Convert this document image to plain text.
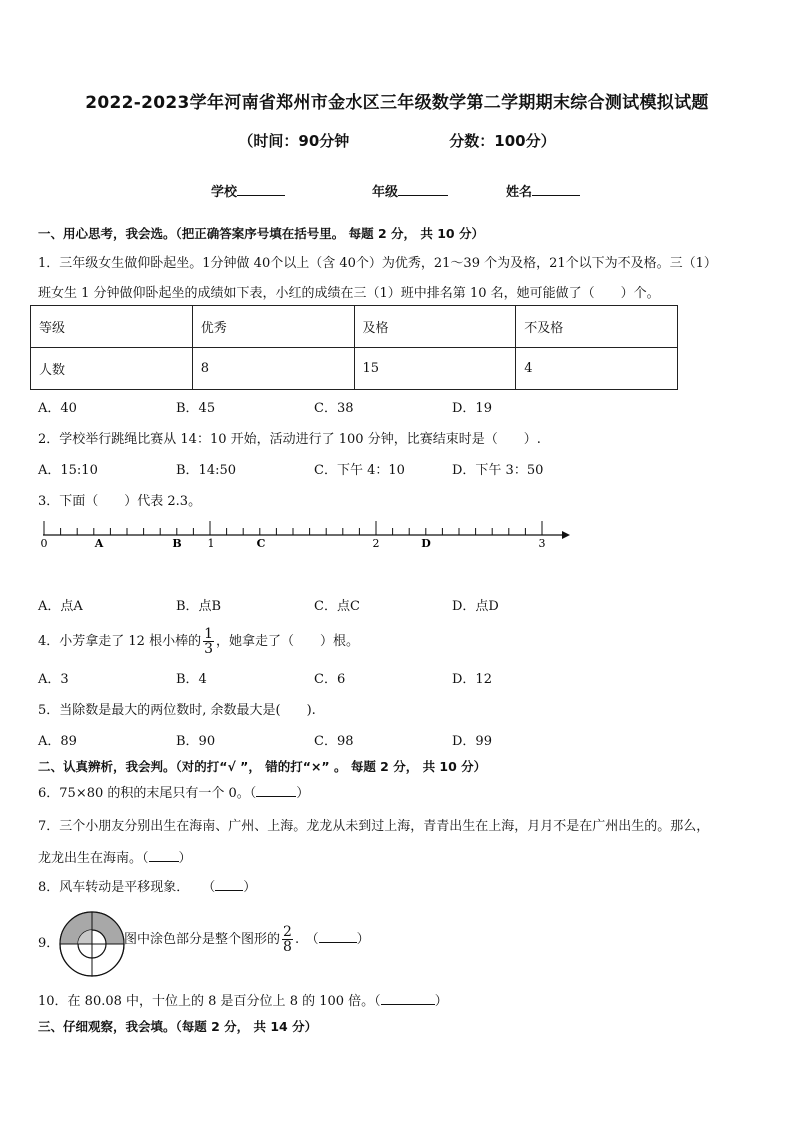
2022-2023学年河南省郑州市金水区三年级数学第二学期期末综合测试模拟试题
（时间：90分钟	分数：100分）
学校	年级	姓名
一、用心思考，我会选。（把正确答案序号填在括号里。 每题 2 分， 共 10 分）
1．三年级女生做仰卧起坐。1分钟做 40个以上（含 40个）为优秀，21～39 个为及格，21个以下为不及格。三（1）
班女生 1 分钟做仰卧起坐的成绩如下表，小红的成绩在三（1）班中排名第 10 名，她可能做了（　　）个。
等级	优秀	及格	不及格
人数	8	15	4
A．40	B．45	C．38	D．19
2．学校举行跳绳比赛从 14：10 开始，活动进行了 100 分钟，比赛结束时是（　　）.
A．15:10	B．14:50	C．下午 4：10	D．下午 3：50
3．下面（　　）代表 2.3。
0	1	2	3
A	B	C	D
A．点A	B．点B	C．点C	D．点D
4．小芳拿走了 12 根小棒的 $\frac{1}{3}$ ，她拿走了（　　）根。
A．3	B．4	C．6	D．12
5．当除数是最大的两位数时, 余数最大是(　　).
A．89	B．90	C．98	D．99
二、认真辨析，我会判。（对的打“√ ”， 错的打“×” 。 每题 2 分， 共 10 分）
6．75×80 的积的末尾只有一个 0。（	）
7．三个小朋友分别出生在海南、广州、上海。龙龙从未到过上海，青青出生在上海，月月不是在广州出生的。那么，
龙龙出生在海南。（ ）
8．风车转动是平移现象．　　（ ）
9．	图中涂色部分是整个图形的 $\frac{2}{8}$ .　（	）
10．在 80.08 中，十位上的 8 是百分位上 8 的 100 倍。（	）
三、仔细观察，我会填。（每题 2 分， 共 14 分）
